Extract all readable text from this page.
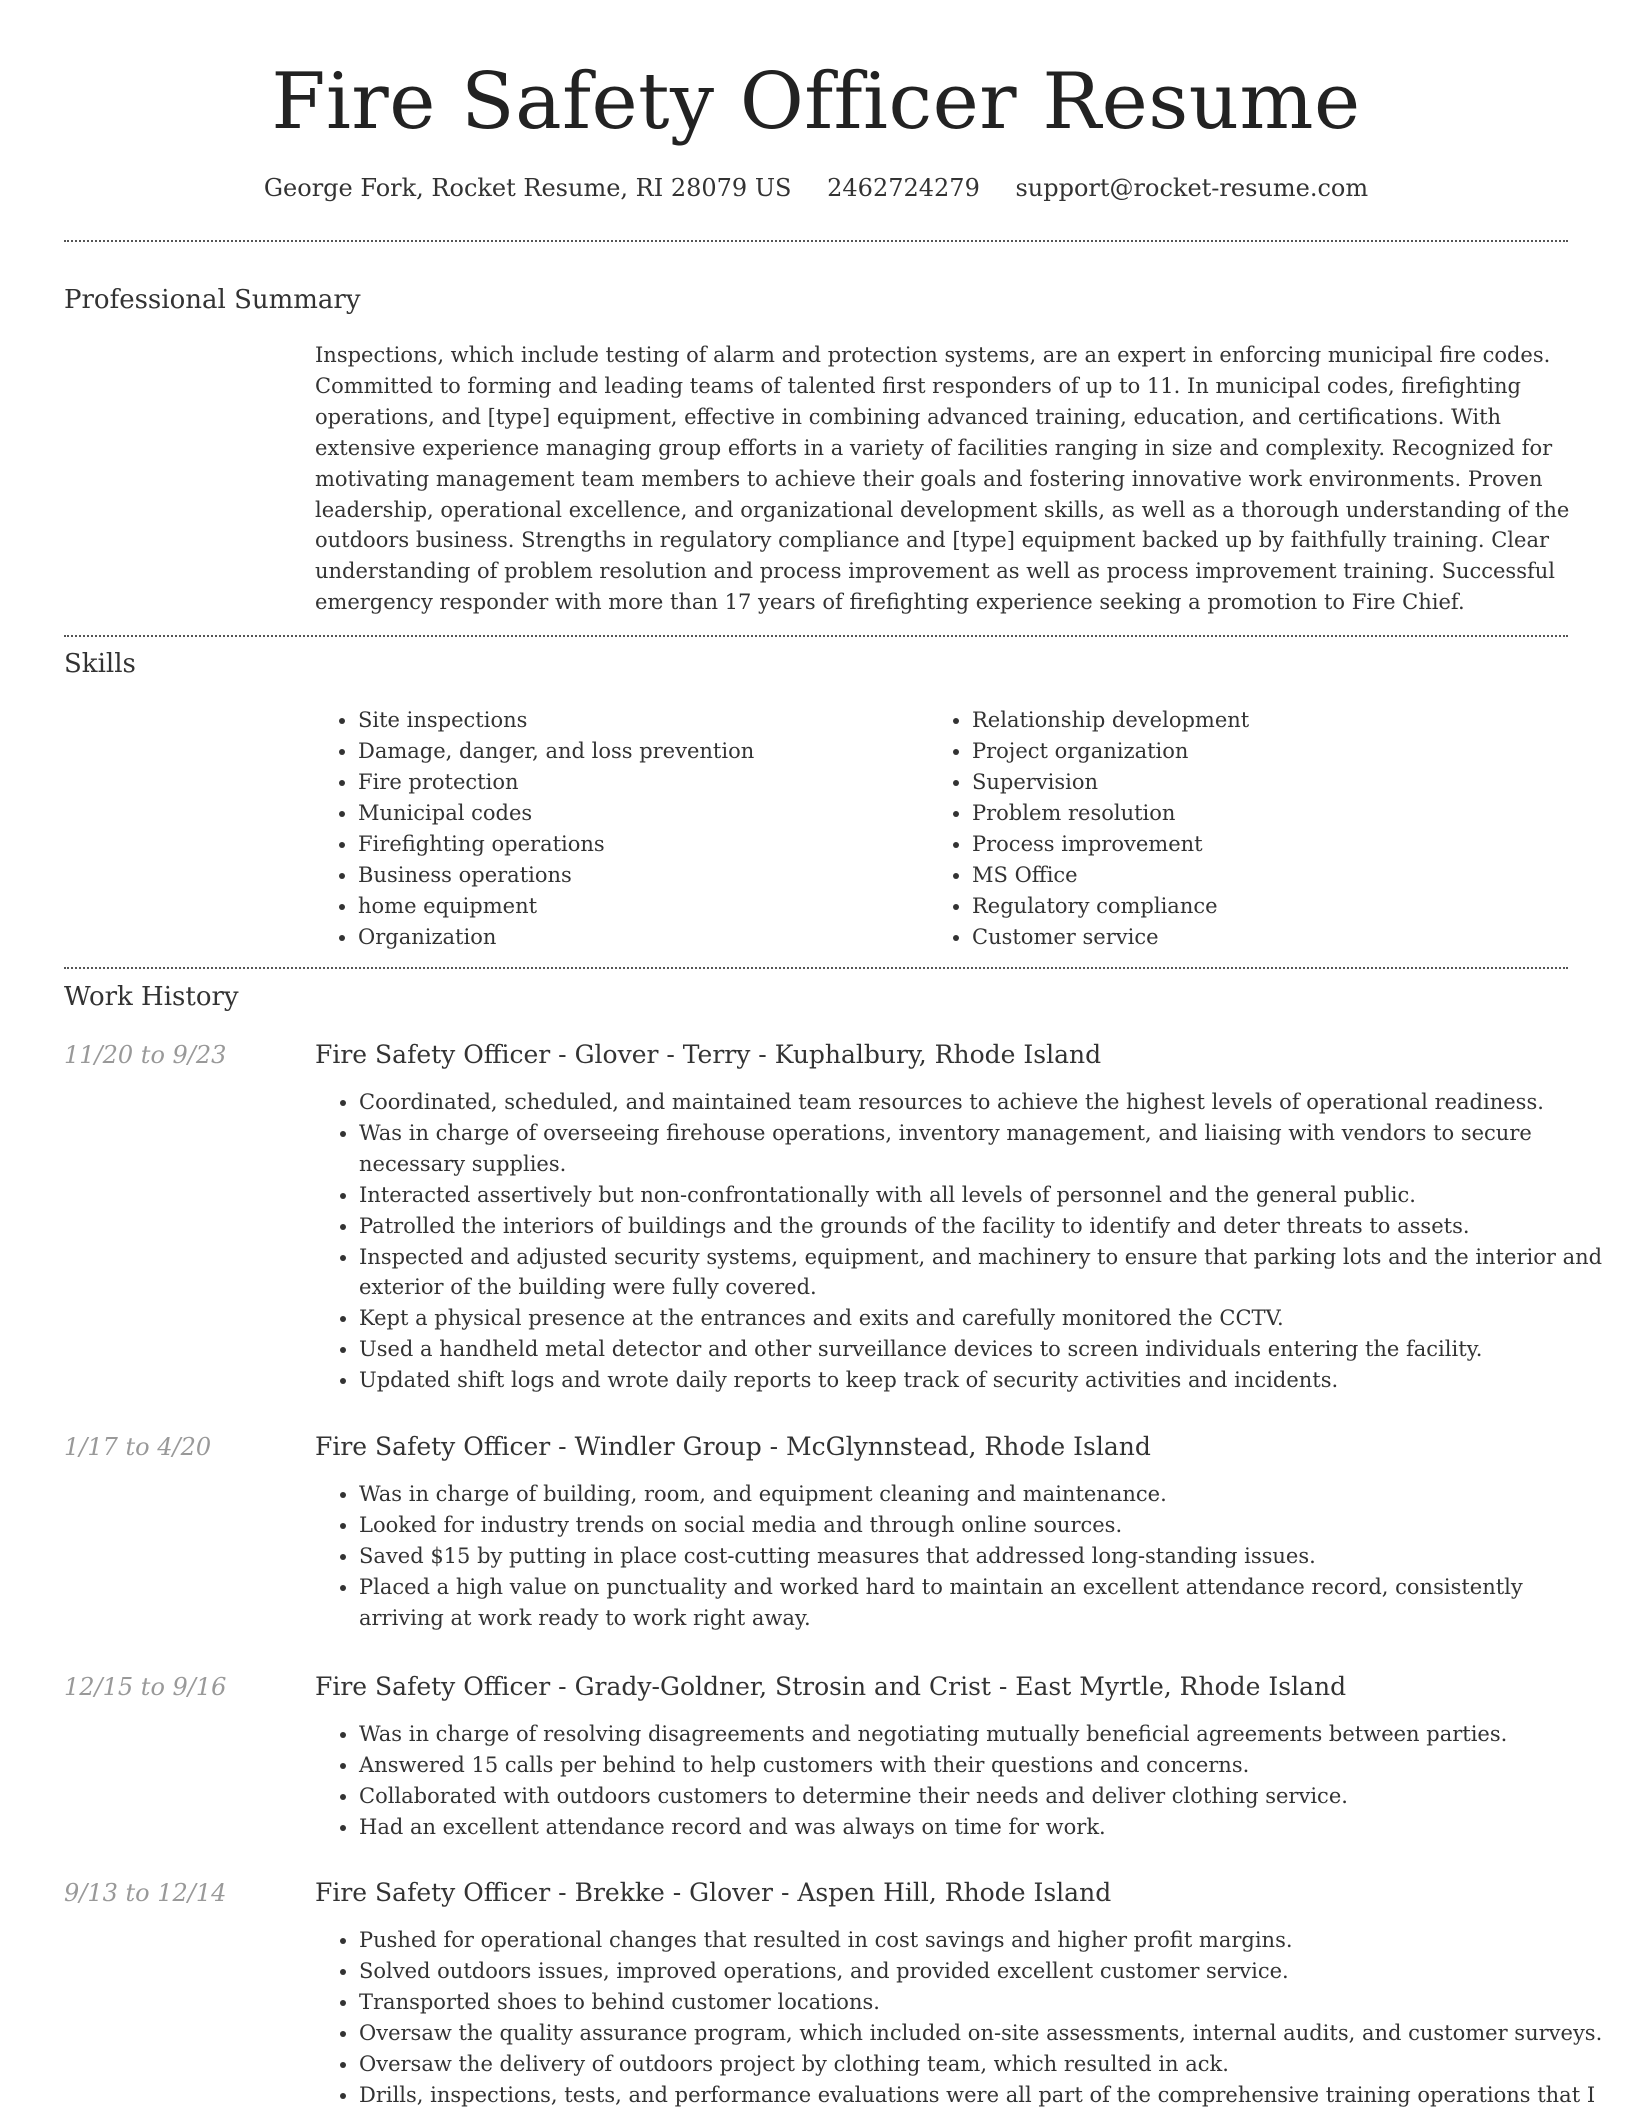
Fire Safety Officer Resume
George Fork, Rocket Resume, RI 28079 US 2462724279 support@rocket-resume.com
Professional Summary
Inspections, which include testing of alarm and protection systems, are an expert in enforcing municipal fire codes. Committed to forming and leading teams of talented first responders of up to 11. In municipal codes, firefighting operations, and [type] equipment, effective in combining advanced training, education, and certifications. With extensive experience managing group efforts in a variety of facilities ranging in size and complexity. Recognized for motivating management team members to achieve their goals and fostering innovative work environments. Proven leadership, operational excellence, and organizational development skills, as well as a thorough understanding of the outdoors business. Strengths in regulatory compliance and [type] equipment backed up by faithfully training. Clear understanding of problem resolution and process improvement as well as process improvement training. Successful emergency responder with more than 17 years of firefighting experience seeking a promotion to Fire Chief.
Skills
• Site inspections
• Damage, danger, and loss prevention
• Fire protection
• Municipal codes
• Firefighting operations
• Business operations
• home equipment
• Organization
• Relationship development
• Project organization
• Supervision
• Problem resolution
• Process improvement
• MS Office
• Regulatory compliance
• Customer service
Work History
11/20 to 9/23	Fire Safety Officer - Glover - Terry - Kuphalbury, Rhode Island
• Coordinated, scheduled, and maintained team resources to achieve the highest levels of operational readiness.
• Was in charge of overseeing firehouse operations, inventory management, and liaising with vendors to secure necessary supplies.
• Interacted assertively but non-confrontationally with all levels of personnel and the general public.
• Patrolled the interiors of buildings and the grounds of the facility to identify and deter threats to assets.
• Inspected and adjusted security systems, equipment, and machinery to ensure that parking lots and the interior and exterior of the building were fully covered.
• Kept a physical presence at the entrances and exits and carefully monitored the CCTV.
• Used a handheld metal detector and other surveillance devices to screen individuals entering the facility.
• Updated shift logs and wrote daily reports to keep track of security activities and incidents.
1/17 to 4/20	Fire Safety Officer - Windler Group - McGlynnstead, Rhode Island
• Was in charge of building, room, and equipment cleaning and maintenance.
• Looked for industry trends on social media and through online sources.
• Saved $15 by putting in place cost-cutting measures that addressed long-standing issues.
• Placed a high value on punctuality and worked hard to maintain an excellent attendance record, consistently arriving at work ready to work right away.
12/15 to 9/16	Fire Safety Officer - Grady-Goldner, Strosin and Crist - East Myrtle, Rhode Island
• Was in charge of resolving disagreements and negotiating mutually beneficial agreements between parties.
• Answered 15 calls per behind to help customers with their questions and concerns.
• Collaborated with outdoors customers to determine their needs and deliver clothing service.
• Had an excellent attendance record and was always on time for work.
9/13 to 12/14	Fire Safety Officer - Brekke - Glover - Aspen Hill, Rhode Island
• Pushed for operational changes that resulted in cost savings and higher profit margins.
• Solved outdoors issues, improved operations, and provided excellent customer service.
• Transported shoes to behind customer locations.
• Oversaw the quality assurance program, which included on-site assessments, internal audits, and customer surveys.
• Oversaw the delivery of outdoors project by clothing team, which resulted in ack.
• Drills, inspections, tests, and performance evaluations were all part of the comprehensive training operations that I
